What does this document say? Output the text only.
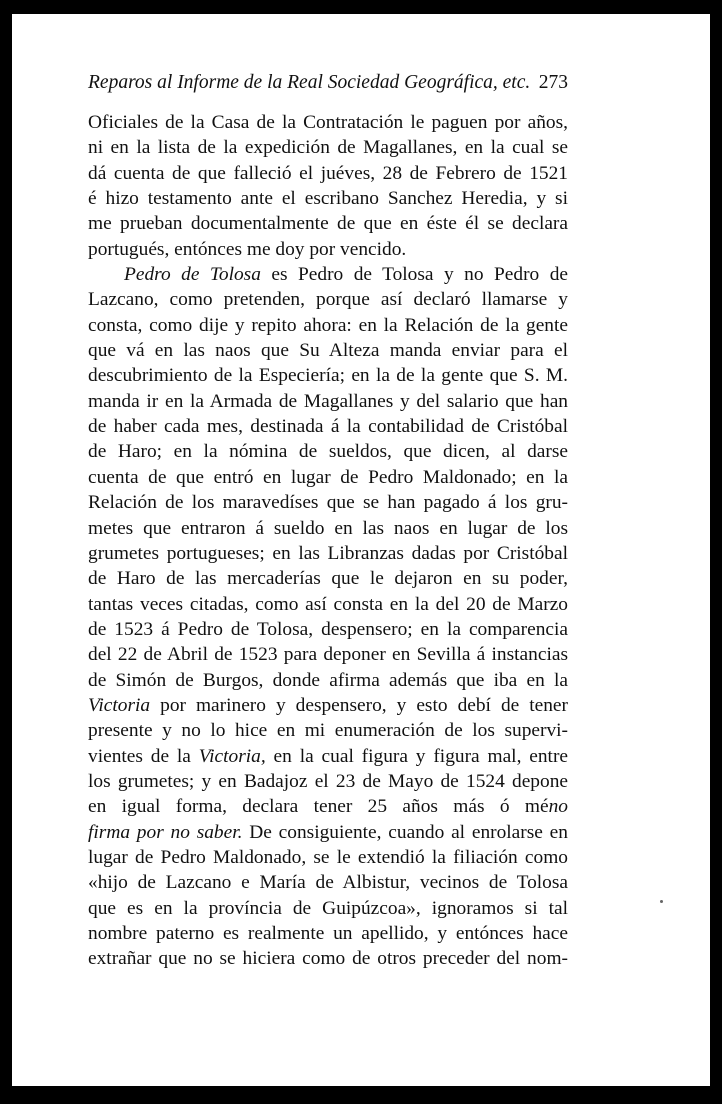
Reparos al Informe de la Real Sociedad Geográfica, etc. 273
Oficiales de la Casa de la Contratación le paguen por años,
ni en la lista de la expedición de Magallanes, en la cual se
dá cuenta de que falleció el juéves, 28 de Febrero de 1521
é hizo testamento ante el escribano Sanchez Heredia, y si
me prueban documentalmente de que en éste él se declara
portugués, entónces me doy por vencido.
Pedro de Tolosa es Pedro de Tolosa y no Pedro de
Lazcano, como pretenden, porque así declaró llamarse y
consta, como dije y repito ahora: en la Relación de la gente
que vá en las naos que Su Alteza manda enviar para el
descubrimiento de la Especiería; en la de la gente que S. M.
manda ir en la Armada de Magallanes y del salario que han
de haber cada mes, destinada á la contabilidad de Cristóbal
de Haro; en la nómina de sueldos, que dicen, al darse
cuenta de que entró en lugar de Pedro Maldonado; en la
Relación de los maravedíses que se han pagado á los gru-
metes que entraron á sueldo en las naos en lugar de los
grumetes portugueses; en las Libranzas dadas por Cristóbal
de Haro de las mercaderías que le dejaron en su poder,
tantas veces citadas, como así consta en la del 20 de Marzo
de 1523 á Pedro de Tolosa, despensero; en la comparencia
del 22 de Abril de 1523 para deponer en Sevilla á instancias
de Simón de Burgos, donde afirma además que iba en la
Victoria por marinero y despensero, y esto debí de tener
presente y no lo hice en mi enumeración de los supervi-
vientes de la Victoria, en la cual figura y figura mal, entre
los grumetes; y en Badajoz el 23 de Mayo de 1524 depone
en igual forma, declara tener 25 años más ó méno
firma por no saber. De consiguiente, cuando al enrolarse en
lugar de Pedro Maldonado, se le extendió la filiación como
«hijo de Lazcano e María de Albistur, vecinos de Tolosa
que es en la província de Guipúzcoa», ignoramos si tal
nombre paterno es realmente un apellido, y entónces hace
extrañar que no se hiciera como de otros preceder del nom-
